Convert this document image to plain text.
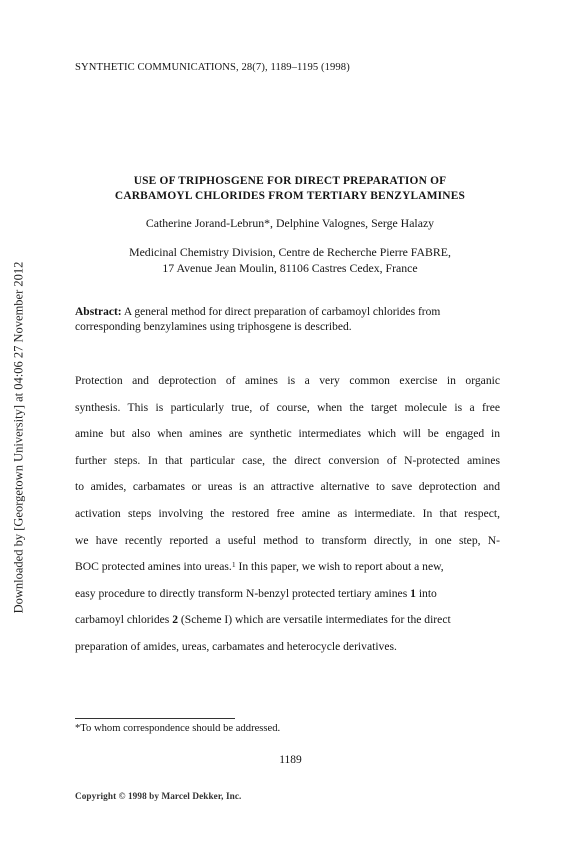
SYNTHETIC COMMUNICATIONS, 28(7), 1189–1195 (1998)
Downloaded by [Georgetown University] at 04:06 27 November 2012
USE OF TRIPHOSGENE FOR DIRECT PREPARATION OF
CARBAMOYL CHLORIDES FROM TERTIARY BENZYLAMINES
Catherine Jorand-Lebrun*, Delphine Valognes, Serge Halazy
Medicinal Chemistry Division, Centre de Recherche Pierre FABRE,
17 Avenue Jean Moulin, 81106 Castres Cedex, France
Abstract: A general method for direct preparation of carbamoyl chlorides from
corresponding benzylamines using triphosgene is described.
Protection and deprotection of amines is a very common exercise in organic
synthesis. This is particularly true, of course, when the target molecule is a free
amine but also when amines are synthetic intermediates which will be engaged in
further steps. In that particular case, the direct conversion of N-protected amines
to amides, carbamates or ureas is an attractive alternative to save deprotection and
activation steps involving the restored free amine as intermediate. In that respect,
we have recently reported a useful method to transform directly, in one step, N-
BOC protected amines into ureas.$^1$ In this paper, we wish to report about a new,
easy procedure to directly transform N-benzyl protected tertiary amines 1 into
carbamoyl chlorides 2 (Scheme I) which are versatile intermediates for the direct
preparation of amides, ureas, carbamates and heterocycle derivatives.
*To whom correspondence should be addressed.
1189
Copyright © 1998 by Marcel Dekker, Inc.
